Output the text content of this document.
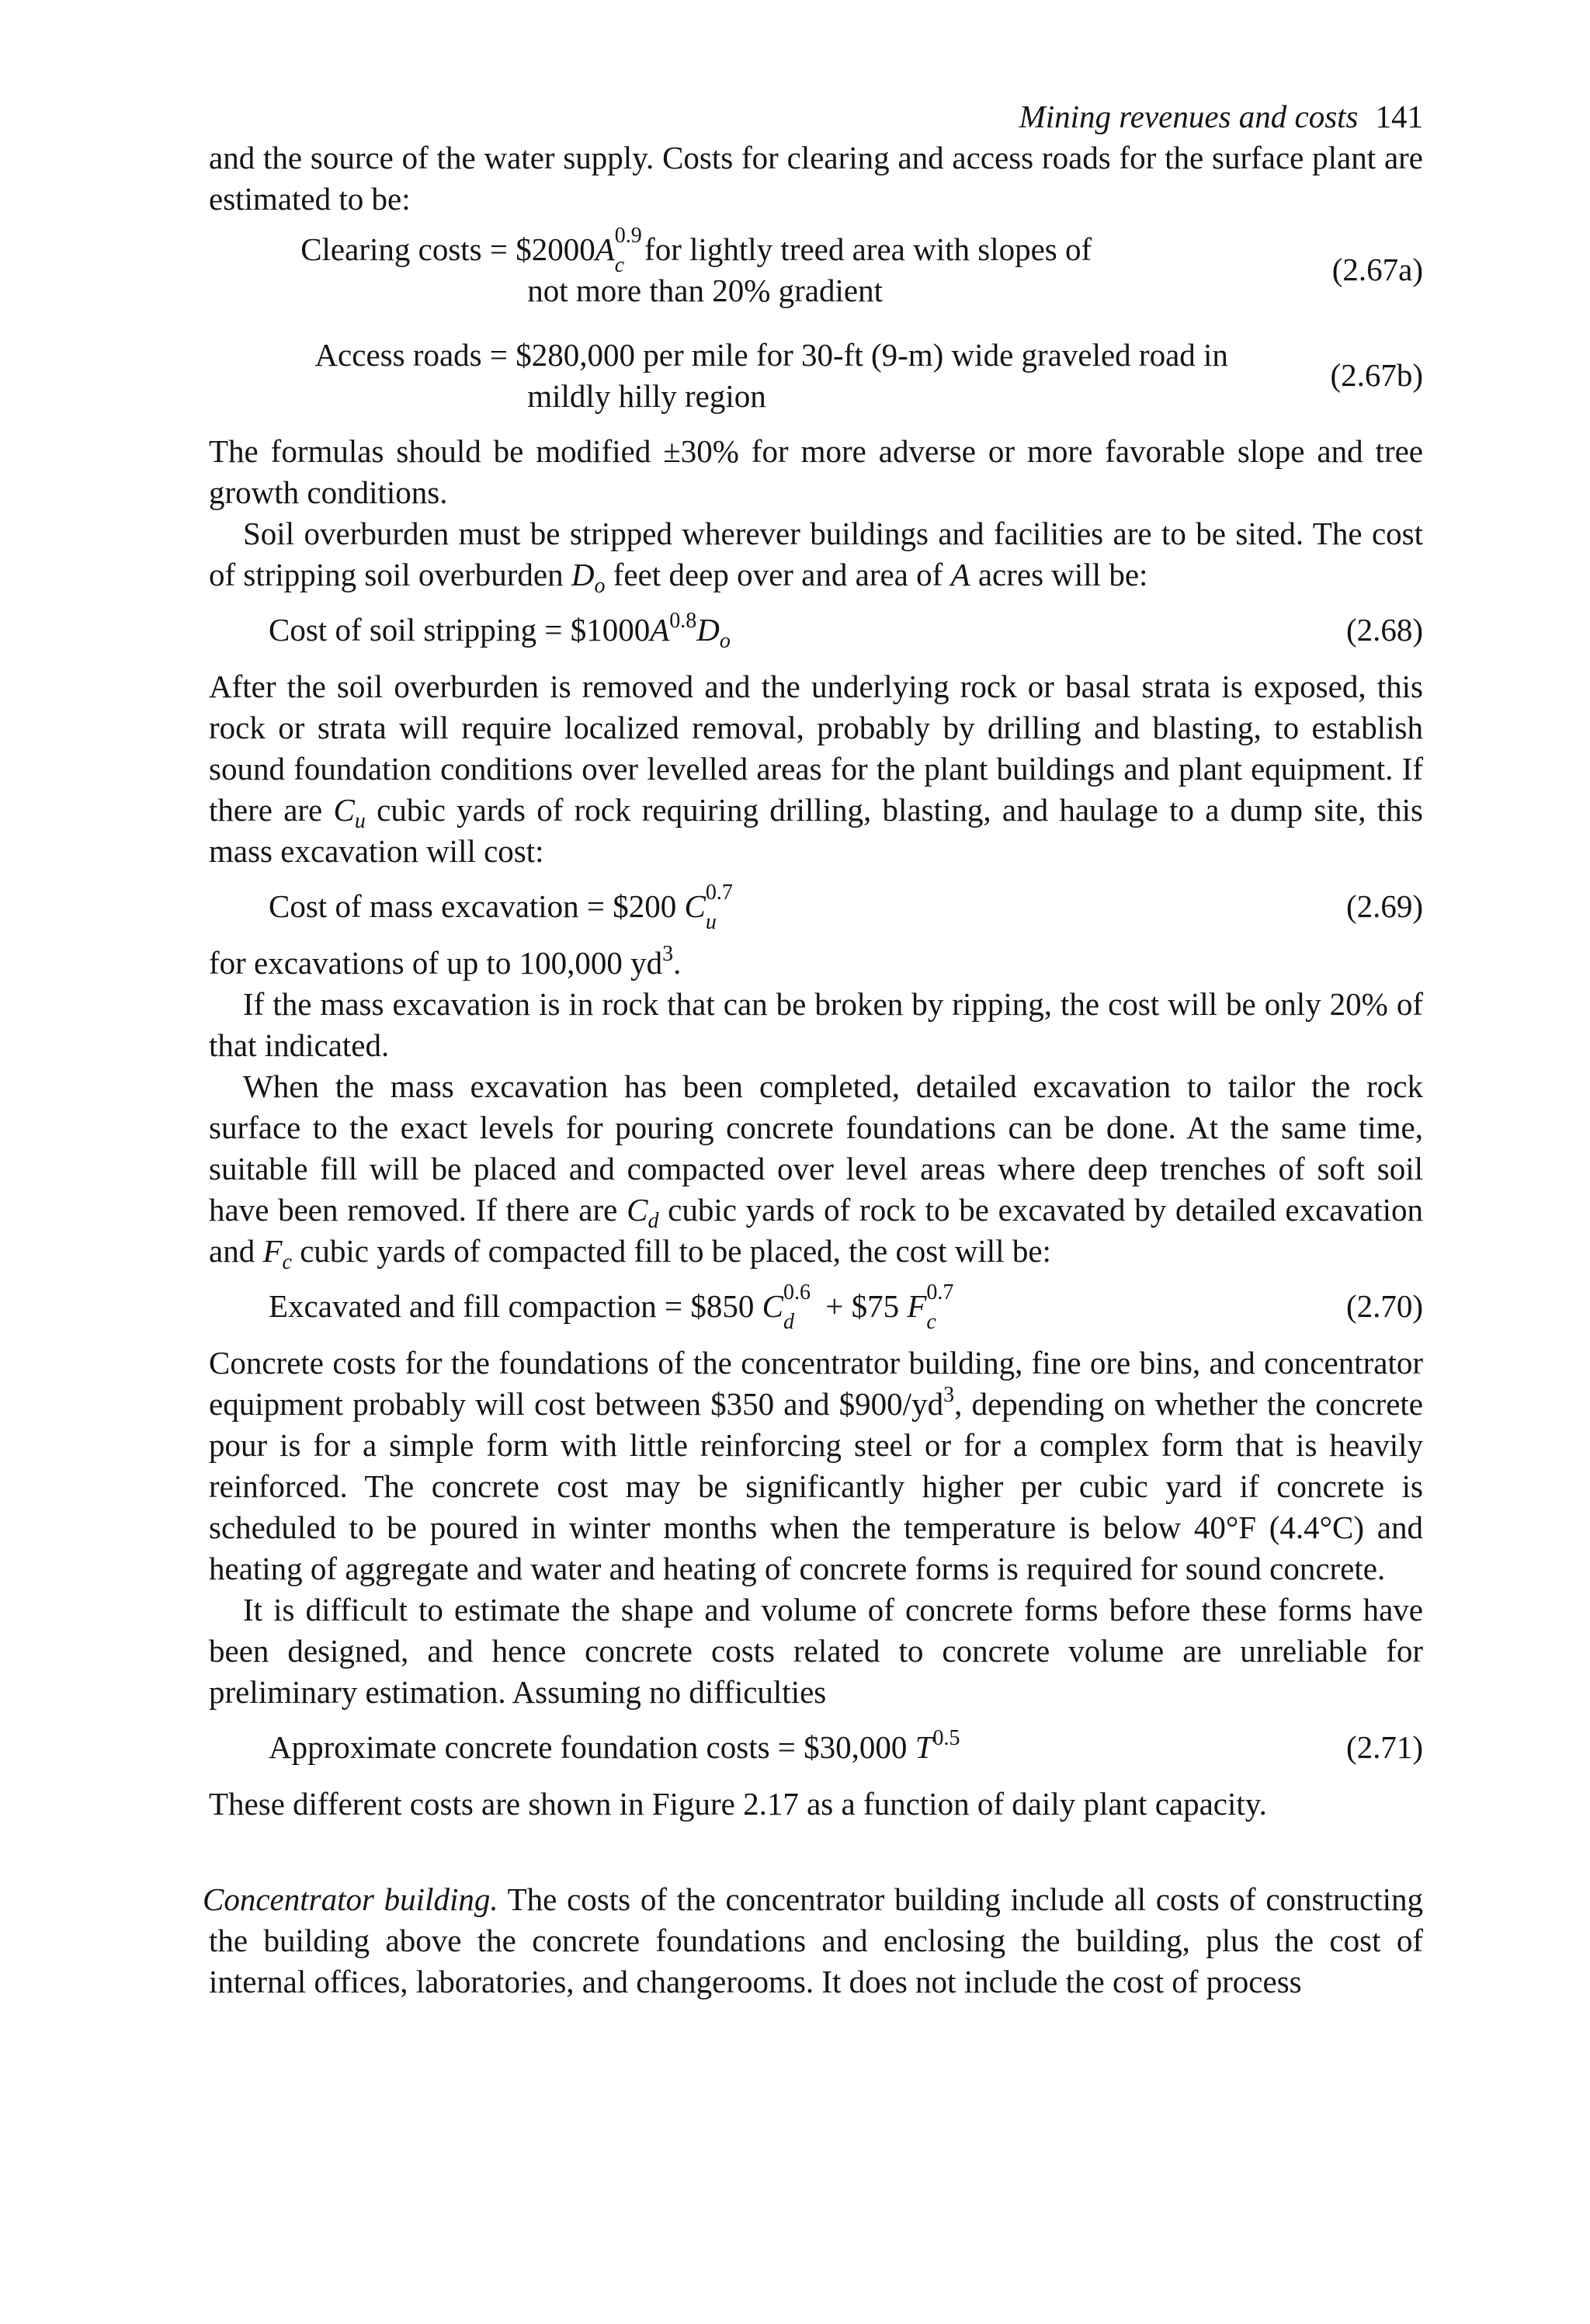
Mining revenues and costs 141

and the source of the water supply. Costs for clearing and access roads for the surface plant are estimated to be:

Clearing costs = $2000A 0.9
c for lightly treed area with slopes of
not more than 20% gradient
(2.67a)
Access roads = $280,000 per mile for 30-ft (9-m) wide graveled road in
mildly hilly region
(2.67b)

The formulas should be modified ±30% for more adverse or more favorable slope and tree growth conditions.

Soil overburden must be stripped wherever buildings and facilities are to be sited. The cost of stripping soil overburden $D_o$ feet deep over and area of A acres will be:

Cost of soil stripping = $\$1000A^{0.8}D_o$	(2.68)

After the soil overburden is removed and the underlying rock or basal strata is exposed, this rock or strata will require localized removal, probably by drilling and blasting, to establish sound foundation conditions over levelled areas for the plant buildings and plant equipment. If there are $C_u$ cubic yards of rock requiring drilling, blasting, and haulage to a dump site, this mass excavation will cost:

Cost of mass excavation = $200 C 0.7
u	(2.69)

for excavations of up to 100,000 $yd^3$.

If the mass excavation is in rock that can be broken by ripping, the cost will be only 20% of that indicated.

When the mass excavation has been completed, detailed excavation to tailor the rock surface to the exact levels for pouring concrete foundations can be done. At the same time, suitable fill will be placed and compacted over level areas where deep trenches of soft soil have been removed. If there are $C_d$ cubic yards of rock to be excavated by detailed excavation and $F_c$ cubic yards of compacted fill to be placed, the cost will be:

Excavated and fill compaction = $850 C 0.6
d + $75 F 0.7
c	(2.70)

Concrete costs for the foundations of the concentrator building, fine ore bins, and concentrator equipment probably will cost between $350 and $\$900/yd^3$, depending on whether the concrete pour is for a simple form with little reinforcing steel or for a complex form that is heavily reinforced. The concrete cost may be significantly higher per cubic yard if concrete is scheduled to be poured in winter months when the temperature is below 40°F (4.4°C) and heating of aggregate and water and heating of concrete forms is required for sound concrete.

It is difficult to estimate the shape and volume of concrete forms before these forms have been designed, and hence concrete costs related to concrete volume are unreliable for preliminary estimation. Assuming no difficulties

Approximate concrete foundation costs = $30,000 $T^{0.5}$	(2.71)

These different costs are shown in Figure 2.17 as a function of daily plant capacity.

Concentrator building. The costs of the concentrator building include all costs of constructing the building above the concrete foundations and enclosing the building, plus the cost of internal offices, laboratories, and changerooms. It does not include the cost of process
